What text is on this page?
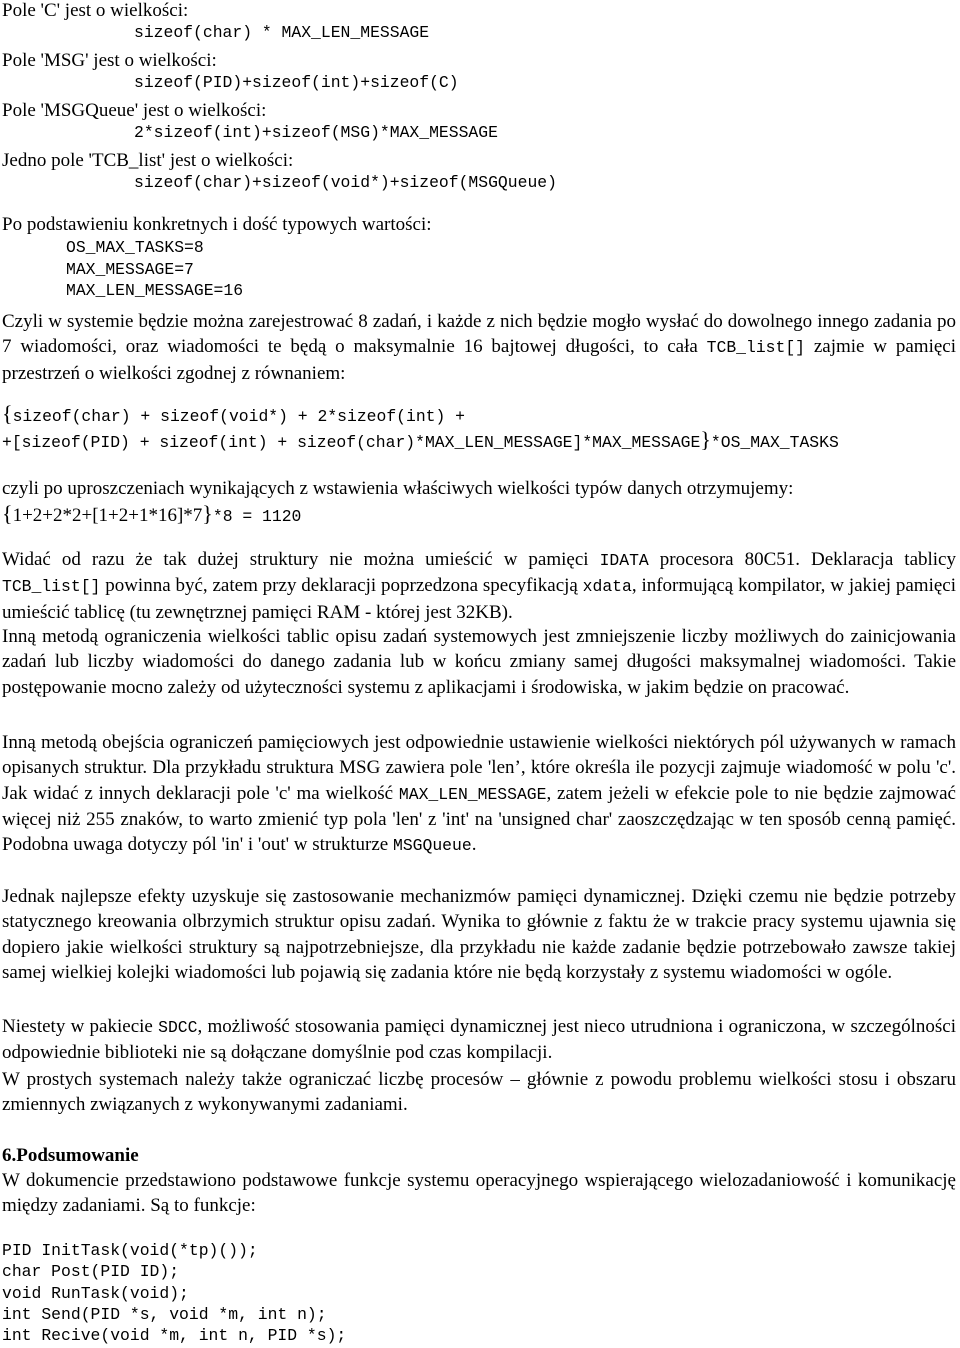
Pole 'C' jest o wielkości:
sizeof(char) * MAX_LEN_MESSAGE
Pole 'MSG' jest o wielkości:
sizeof(PID)+sizeof(int)+sizeof(C)
Pole 'MSGQueue' jest o wielkości:
2*sizeof(int)+sizeof(MSG)*MAX_MESSAGE
Jedno pole 'TCB_list' jest o wielkości:
sizeof(char)+sizeof(void*)+sizeof(MSGQueue)
Po podstawieniu konkretnych i dość typowych wartości:
OS_MAX_TASKS=8
MAX_MESSAGE=7
MAX_LEN_MESSAGE=16

Czyli w systemie będzie można zarejestrować 8 zadań, i każde z nich będzie mogło wysłać do dowolnego innego zadania po 7 wiadomości, oraz wiadomości te będą o maksymalnie 16 bajtowej długości, to cała TCB_list[] zajmie w pamięci przestrzeń o wielkości zgodnej z równaniem:

{sizeof(char) + sizeof(void*) + 2*sizeof(int) +
+[sizeof(PID) + sizeof(int) + sizeof(char)*MAX_LEN_MESSAGE]*MAX_MESSAGE}*OS_MAX_TASKS
czyli po uproszczeniach wynikających z wstawienia właściwych wielkości typów danych otrzymujemy:
{1+2+2*2+[1+2+1*16]*7}*8 = 1120

Widać od razu że tak dużej struktury nie można umieścić w pamięci IDATA procesora 80C51. Deklaracja tablicy TCB_list[] powinna być, zatem przy deklaracji poprzedzona specyfikacją xdata, informującą kompilator, w jakiej pamięci umieścić tablicę (tu zewnętrznej pamięci RAM - której jest 32KB).

Inną metodą ograniczenia wielkości tablic opisu zadań systemowych jest zmniejszenie liczby możliwych do zainicjowania zadań lub liczby wiadomości do danego zadania lub w końcu zmiany samej długości maksymalnej wiadomości. Takie postępowanie mocno zależy od użyteczności systemu z aplikacjami i środowiska, w jakim będzie on pracować.

Inną metodą obejścia ograniczeń pamięciowych jest odpowiednie ustawienie wielkości niektórych pól używanych w ramach opisanych struktur. Dla przykładu struktura MSG zawiera pole 'len’, które określa ile pozycji zajmuje wiadomość w polu 'c'. Jak widać z innych deklaracji pole 'c' ma wielkość MAX_LEN_MESSAGE, zatem jeżeli w efekcie pole to nie będzie zajmować więcej niż 255 znaków, to warto zmienić typ pola 'len' z 'int' na 'unsigned char' zaoszczędzając w ten sposób cenną pamięć. Podobna uwaga dotyczy pól 'in' i 'out' w strukturze MSGQueue.

Jednak najlepsze efekty uzyskuje się zastosowanie mechanizmów pamięci dynamicznej. Dzięki czemu nie będzie potrzeby statycznego kreowania olbrzymich struktur opisu zadań. Wynika to głównie z faktu że w trakcie pracy systemu ujawnia się dopiero jakie wielkości struktury są najpotrzebniejsze, dla przykładu nie każde zadanie będzie potrzebowało zawsze takiej samej wielkiej kolejki wiadomości lub pojawią się zadania które nie będą korzystały z systemu wiadomości w ogóle.

Niestety w pakiecie SDCC, możliwość stosowania pamięci dynamicznej jest nieco utrudniona i ograniczona, w szczególności odpowiednie biblioteki nie są dołączane domyślnie pod czas kompilacji.

W prostych systemach należy także ograniczać liczbę procesów – głównie z powodu problemu wielkości stosu i obszaru zmiennych związanych z wykonywanymi zadaniami.

6.Podsumowanie

W dokumencie przedstawiono podstawowe funkcje systemu operacyjnego wspierającego wielozadaniowość i komunikację między zadaniami. Są to funkcje:

PID InitTask(void(*tp)());
char Post(PID ID);
void RunTask(void);
int Send(PID *s, void *m, int n);
int Recive(void *m, int n, PID *s);
